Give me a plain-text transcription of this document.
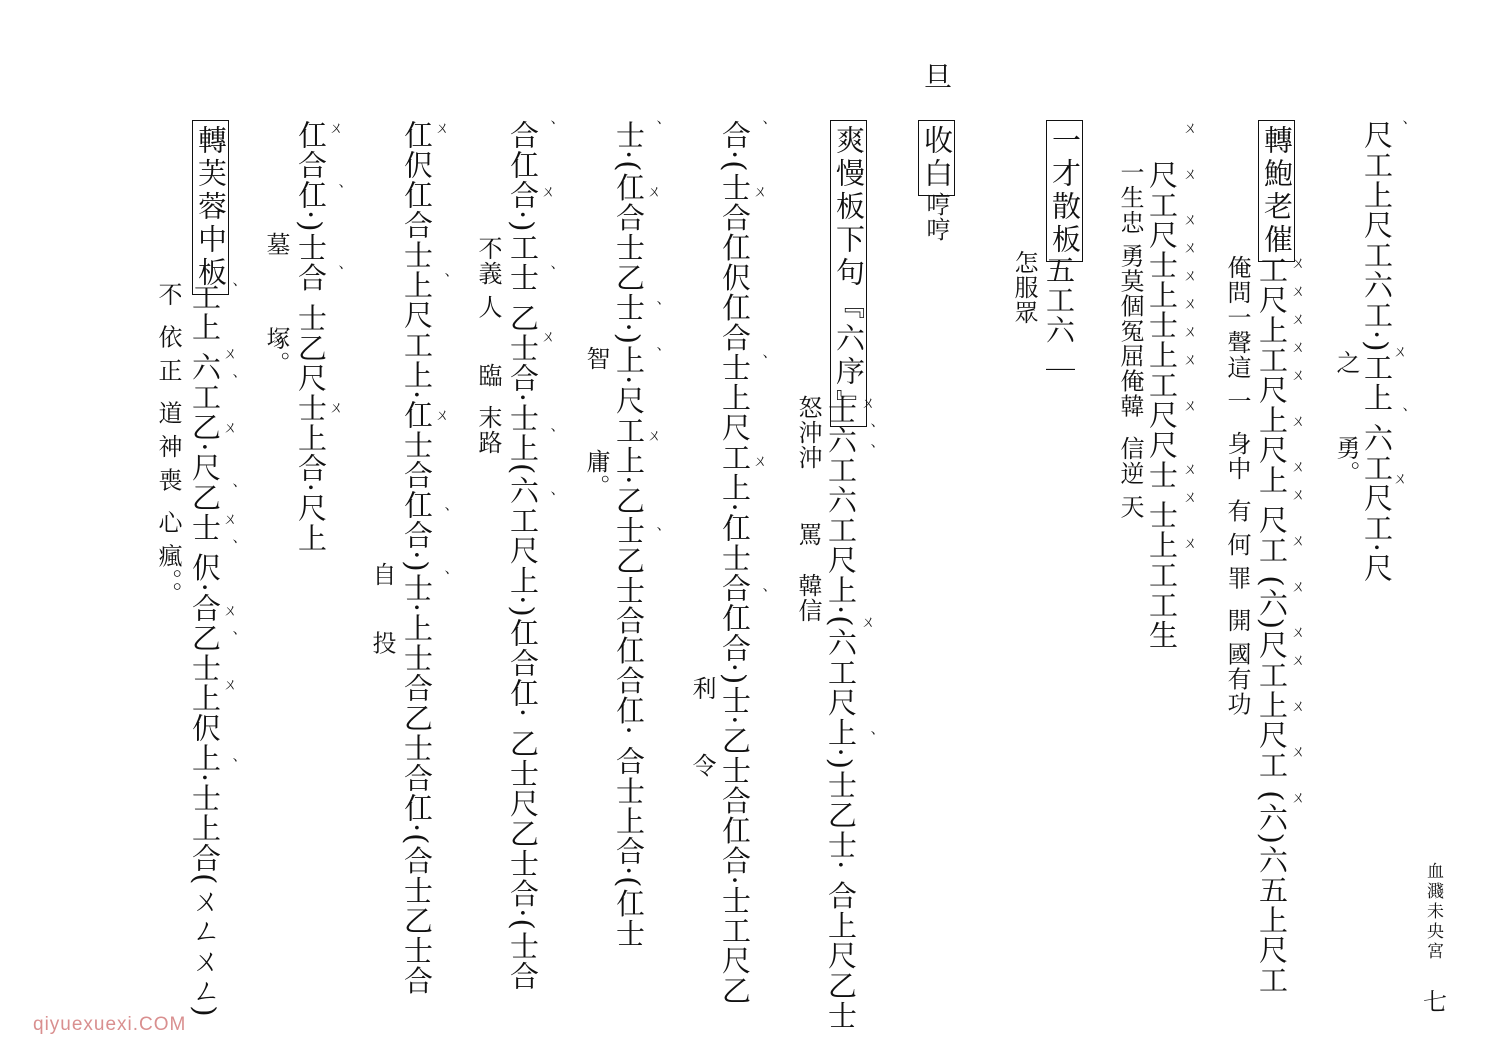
血濺未央宮
七
、           ㄨ  、  ㄨ
尺工上尺工六工·)工上 六工尺工·尺
之       勇。
轉鮑老催
ㄨㄨㄨㄨㄨ ㄨ ㄨㄨ ㄨ ㄨ ㄨㄨ ㄨ ㄨ ㄨ
工尺上工尺上尺上 尺工 (六)尺工上尺工 (六)六五上尺工
俺問一聲這 一  身中  有 何 罪  開 國有功
ㄨ ㄨ ㄨㄨㄨㄨㄨㄨ ㄨ  ㄨㄨ ㄨ
尺工尺士上士上工尺尺士 士上工工生
一生忠 勇莫個冤屈俺韓  信逆 天
一才散板
五工六 ｜
怎服眾
旦
收白
哼哼
爽慢板下句『六序』
ㄨ、、        ㄨ     、
士六工六工尺上·(六工尺上·)士乙士· 合上尺乙士
怒沖沖      罵   韓信
、  ㄨ        、    ㄨ      、
合·(士合仜伬仜合士上尺工上·仜士合仜合·)士·乙士合仜合·士工尺乙
利      令
、  ㄨ     、 、   ㄨ    、
士·(仜合士乙士·)上·尺工上·乙士乙士合仜合仜· 合士上合·(仜士
智         庸。
、  ㄨ   、  ㄨ    、  、
合仜合·)工士 乙士合·士上(六工尺上·)仜合仜· 乙士尺乙士合·(士合
不義 人     臨  末路
ㄨ       、      ㄨ    、  、
仜伬仜合士上尺工上·仜士合仜合·)士·上士合乙士合仜·(合士乙士合
自     投
ㄨ  、   、      ㄨ
仜合仜·)士合 士乙尺士上合·尺上
墓        塚。
轉芙蓉中板
、  ㄨ、 ㄨ  、ㄨ、  ㄨ、 ㄨ   、
工上 六工乙·尺乙士 伬·合乙士上伬上·士上合(ㄨㄥㄨㄥ)
不  依 正  道 神 喪  心 瘋。。
qiyuexuexi.COM
